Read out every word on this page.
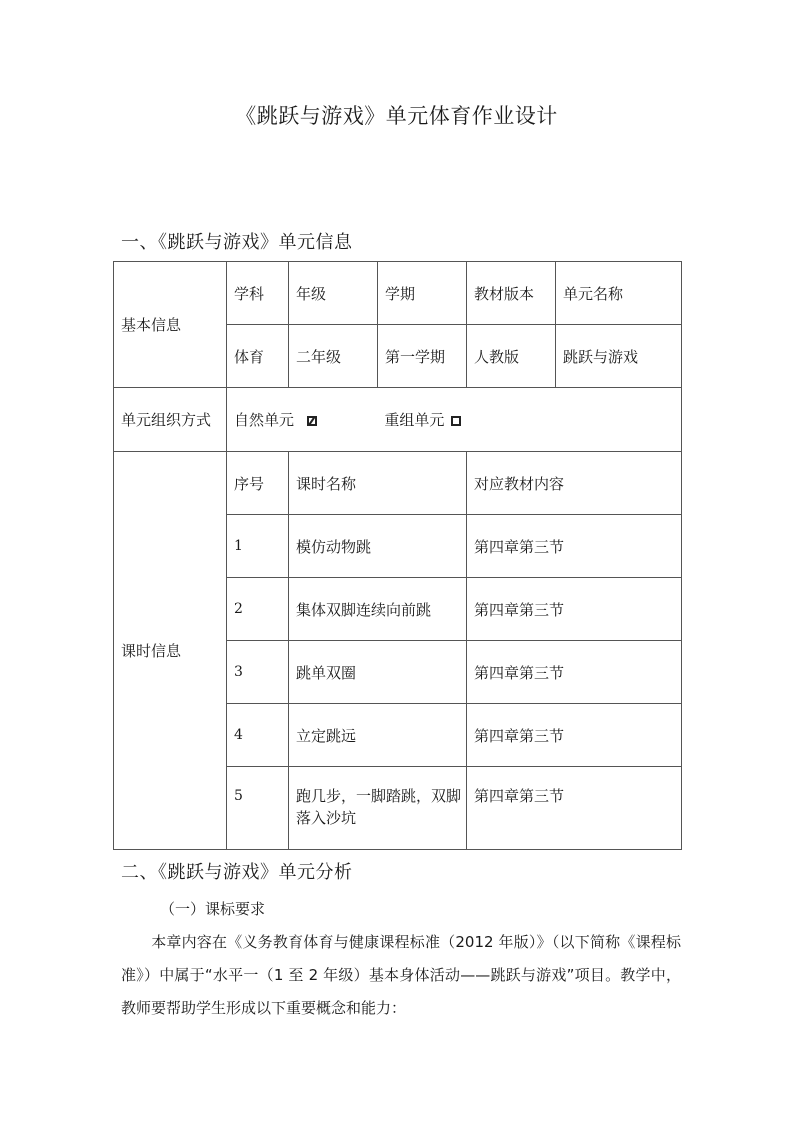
《跳跃与游戏》单元体育作业设计
一、《跳跃与游戏》单元信息
基本信息	学科	年级	学期	教材版本	单元名称
	体育	二年级	第一学期	人教版	跳跃与游戏
单元组织方式	自然单元 重组单元				
课时信息	序号	课时名称		对应教材内容	
	1	模仿动物跳		第四章第三节	
	2	集体双脚连续向前跳		第四章第三节	
	3	跳单双圈		第四章第三节	
	4	立定跳远		第四章第三节	
	5	跑几步，一脚踏跳，双脚落入沙坑		第四章第三节	
二、《跳跃与游戏》单元分析
（一）课标要求
本章内容在《义务教育体育与健康课程标准（2012 年版）》（以下简称《课程标准》）中属于“水平一（1 至 2 年级）基本身体活动——跳跃与游戏”项目。教学中，教师要帮助学生形成以下重要概念和能力：
